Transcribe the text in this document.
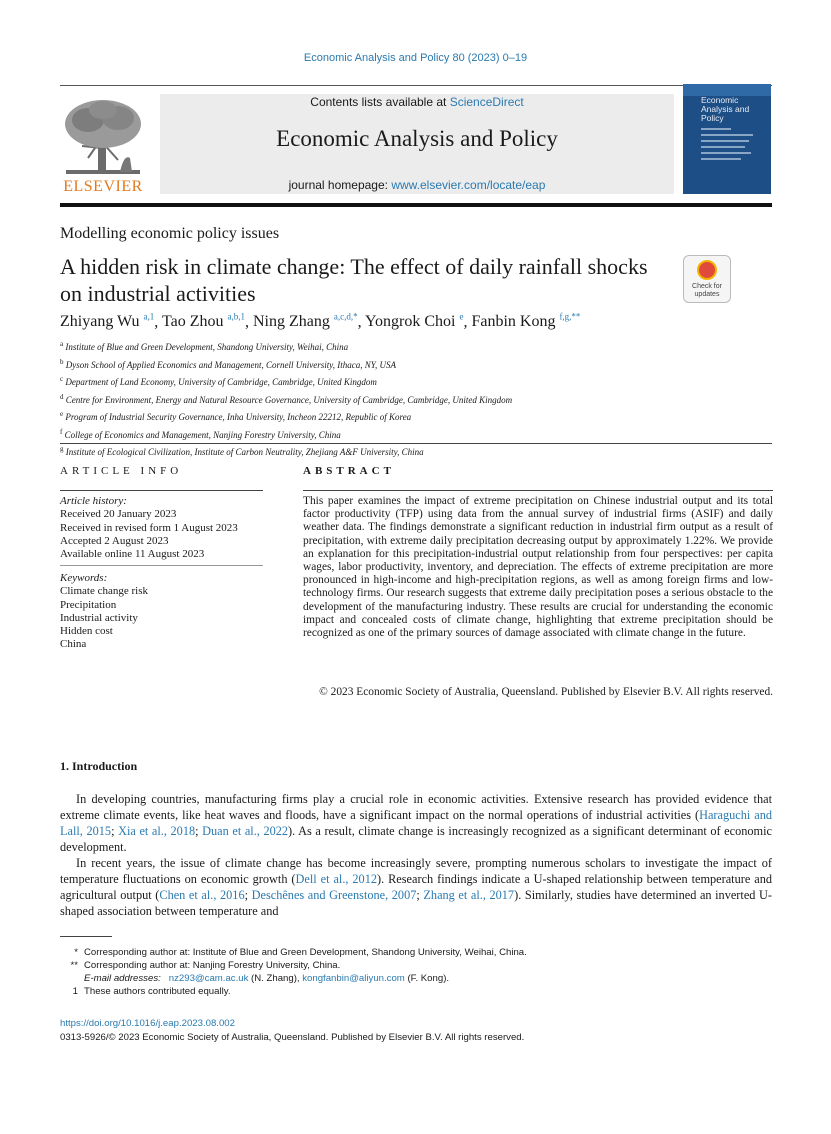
Economic Analysis and Policy 80 (2023) 0–19
ELSEVIER
Contents lists available at ScienceDirect
Economic Analysis and Policy
journal homepage: www.elsevier.com/locate/eap
Economic Analysis and Policy
Modelling economic policy issues
A hidden risk in climate change: The effect of daily rainfall shocks on industrial activities	Check for updates
Zhiyang Wu $^{a,1}$, Tao Zhou $^{a,b,1}$, Ning Zhang $^{a,c,d,*}$, Yongrok Choi $^e$, Fanbin Kong $^{f,g,**}$
$^a$ Institute of Blue and Green Development, Shandong University, Weihai, China
$^b$ Dyson School of Applied Economics and Management, Cornell University, Ithaca, NY, USA
$^c$ Department of Land Economy, University of Cambridge, Cambridge, United Kingdom
$^d$ Centre for Environment, Energy and Natural Resource Governance, University of Cambridge, Cambridge, United Kingdom
$^e$ Program of Industrial Security Governance, Inha University, Incheon 22212, Republic of Korea
$^f$ College of Economics and Management, Nanjing Forestry University, China
$^g$ Institute of Ecological Civilization, Institute of Carbon Neutrality, Zhejiang A&F University, China
ARTICLE INFO
Article history:
Received 20 January 2023
Received in revised form 1 August 2023
Accepted 2 August 2023
Available online 11 August 2023
Keywords:
Climate change risk
Precipitation
Industrial activity
Hidden cost
China
ABSTRACT
This paper examines the impact of extreme precipitation on Chinese industrial output and its total factor productivity (TFP) using data from the annual survey of industrial firms (ASIF) and daily weather data. The findings demonstrate a significant reduction in industrial firm output as a result of precipitation, with extreme daily precipitation decreasing output by approximately 1.22%. We provide an explanation for this precipitation-industrial output relationship from four perspectives: per capita wages, labor productivity, inventory, and depreciation. The effects of extreme precipitation are more pronounced in high-income and high-precipitation regions, as well as among foreign firms and low-technology firms. Our research suggests that extreme daily precipitation poses a serious obstacle to the development of the manufacturing industry. These results are crucial for understanding the economic impact and concealed costs of climate change, highlighting that extreme precipitation should be recognized as one of the primary sources of damage associated with climate change in the future.
© 2023 Economic Society of Australia, Queensland. Published by Elsevier B.V. All rights reserved.
1. Introduction
In developing countries, manufacturing firms play a crucial role in economic activities. Extensive research has provided evidence that extreme climate events, like heat waves and floods, have a significant impact on the normal operations of industrial activities (Haraguchi and Lall, 2015; Xia et al., 2018; Duan et al., 2022). As a result, climate change is increasingly recognized as a significant determinant of economic development.
In recent years, the issue of climate change has become increasingly severe, prompting numerous scholars to investigate the impact of temperature fluctuations on economic growth (Dell et al., 2012). Research findings indicate a U-shaped relationship between temperature and agricultural output (Chen et al., 2016; Deschênes and Greenstone, 2007; Zhang et al., 2017). Similarly, studies have determined an inverted U-shaped association between temperature and

* Corresponding author at: Institute of Blue and Green Development, Shandong University, Weihai, China.

** Corresponding author at: Nanjing Forestry University, China.

E-mail addresses: nz293@cam.ac.uk (N. Zhang), kongfanbin@aliyun.com (F. Kong).

1 These authors contributed equally.

https://doi.org/10.1016/j.eap.2023.08.002
0313-5926/© 2023 Economic Society of Australia, Queensland. Published by Elsevier B.V. All rights reserved.
